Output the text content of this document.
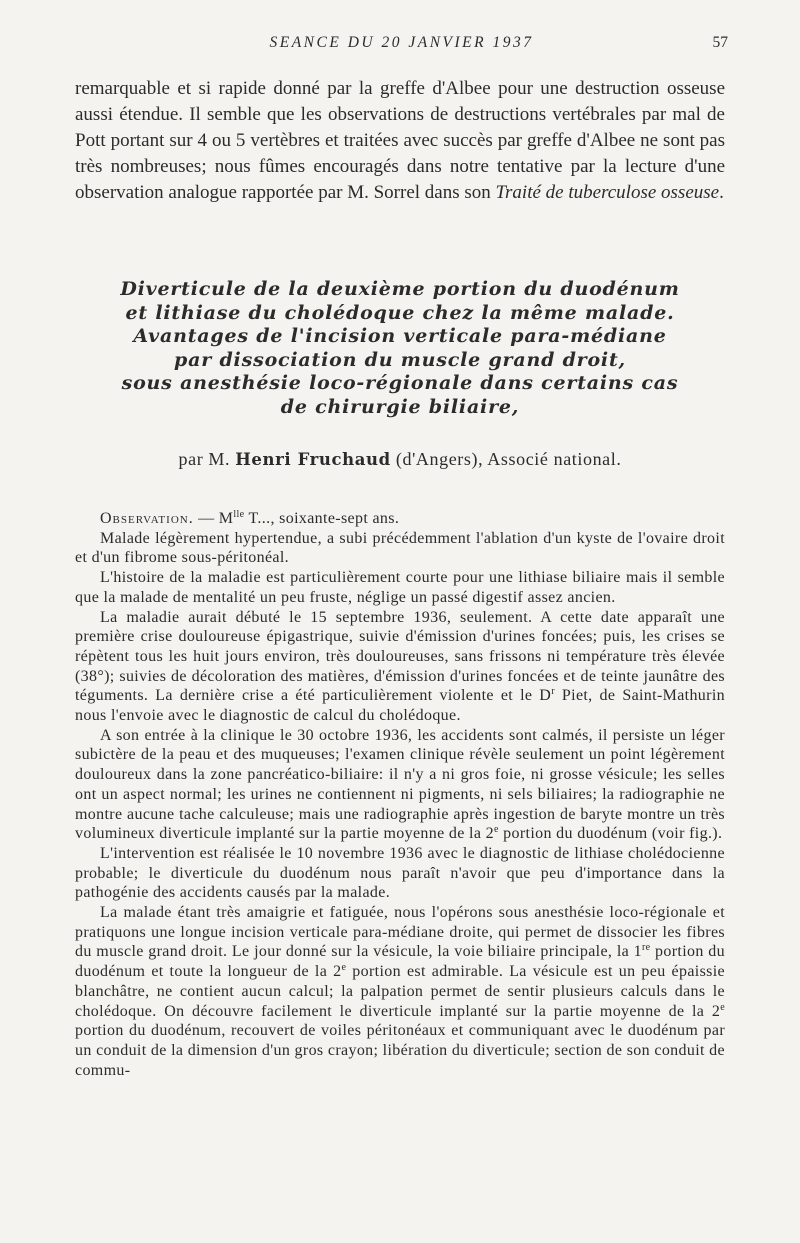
SEANCE DU 20 JANVIER 1937	57

remarquable et si rapide donné par la greffe d'Albee pour une destruction osseuse aussi étendue. Il semble que les observations de destructions vertébrales par mal de Pott portant sur 4 ou 5 vertèbres et traitées avec succès par greffe d'Albee ne sont pas très nombreuses; nous fûmes encouragés dans notre tentative par la lecture d'une observation analogue rapportée par M. Sorrel dans son Traité de tuberculose osseuse.

Diverticule de la deuxième portion du duodénum
et lithiase du cholédoque chez la même malade.
Avantages de l'incision verticale para-médiane
par dissociation du muscle grand droit,
sous anesthésie loco-régionale dans certains cas
de chirurgie biliaire,
par M. Henri Fruchaud (d'Angers), Associé national.

Observation. — $M^{lle}$ T..., soixante-sept ans.

Malade légèrement hypertendue, a subi précédemment l'ablation d'un kyste de l'ovaire droit et d'un fibrome sous-péritonéal.

L'histoire de la maladie est particulièrement courte pour une lithiase biliaire mais il semble que la malade de mentalité un peu fruste, néglige un passé digestif assez ancien.

La maladie aurait débuté le 15 septembre 1936, seulement. A cette date apparaît une première crise douloureuse épigastrique, suivie d'émission d'urines foncées; puis, les crises se répètent tous les huit jours environ, très douloureuses, sans frissons ni température très élevée (38°); suivies de décoloration des matières, d'émission d'urines foncées et de teinte jaunâtre des téguments. La dernière crise a été particulièrement violente et le $D^r$ Piet, de Saint-Mathurin nous l'envoie avec le diagnostic de calcul du cholédoque.

A son entrée à la clinique le 30 octobre 1936, les accidents sont calmés, il persiste un léger subictère de la peau et des muqueuses; l'examen clinique révèle seulement un point légèrement douloureux dans la zone pancréatico-biliaire: il n'y a ni gros foie, ni grosse vésicule; les selles ont un aspect normal; les urines ne contiennent ni pigments, ni sels biliaires; la radiographie ne montre aucune tache calculeuse; mais une radiographie après ingestion de baryte montre un très volumineux diverticule implanté sur la partie moyenne de la 2e portion du duodénum (voir fig.).

L'intervention est réalisée le 10 novembre 1936 avec le diagnostic de lithiase cholédocienne probable; le diverticule du duodénum nous paraît n'avoir que peu d'importance dans la pathogénie des accidents causés par la malade.

La malade étant très amaigrie et fatiguée, nous l'opérons sous anesthésie loco-régionale et pratiquons une longue incision verticale para-médiane droite, qui permet de dissocier les fibres du muscle grand droit. Le jour donné sur la vésicule, la voie biliaire principale, la 1re portion du duodénum et toute la longueur de la 2e portion est admirable. La vésicule est un peu épaissie blanchâtre, ne contient aucun calcul; la palpation permet de sentir plusieurs calculs dans le cholédoque. On découvre facilement le diverticule implanté sur la partie moyenne de la 2e portion du duodénum, recouvert de voiles péritonéaux et communiquant avec le duodénum par un conduit de la dimension d'un gros crayon; libération du diverticule; section de son conduit de commu-
